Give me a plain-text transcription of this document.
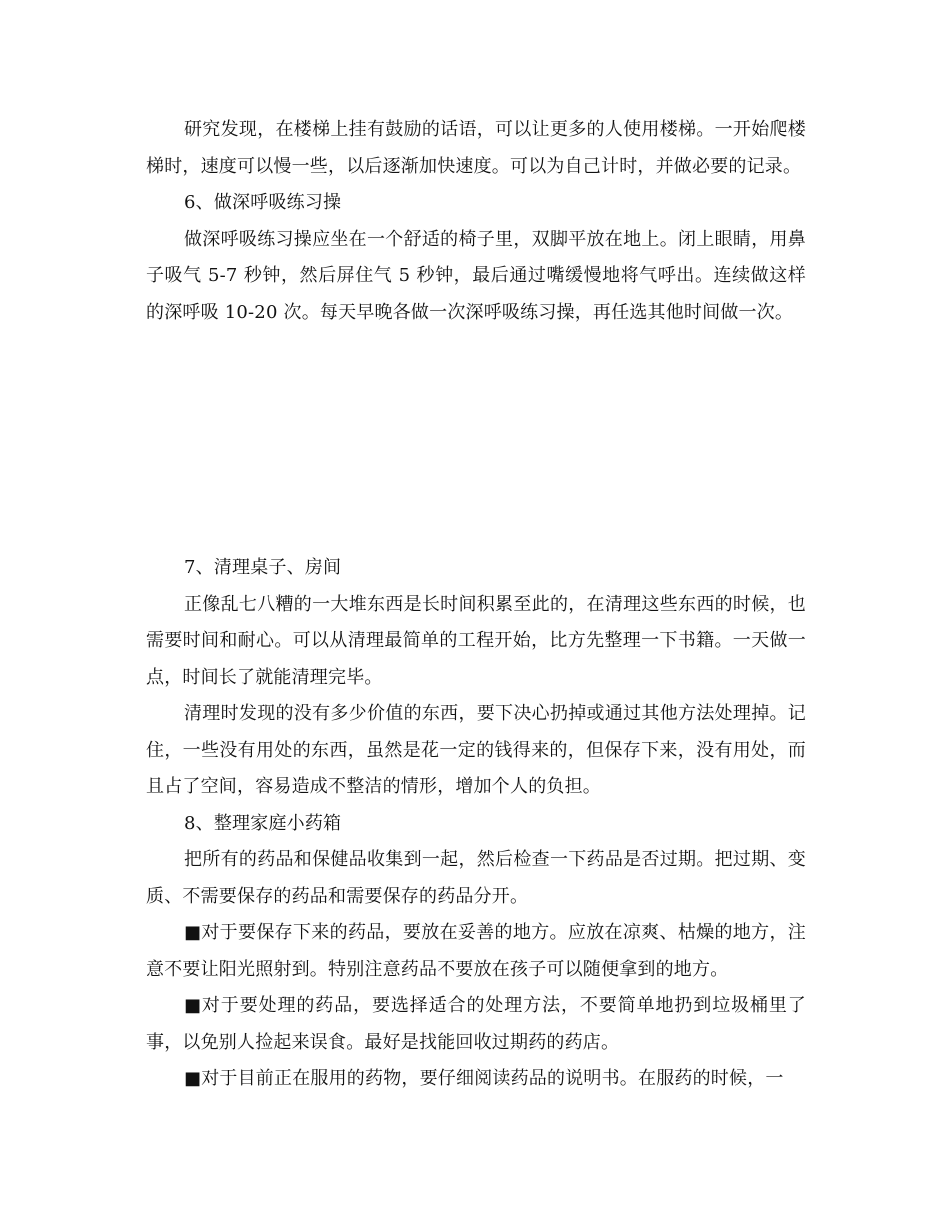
研究发现，在楼梯上挂有鼓励的话语，可以让更多的人使用楼梯。一开始爬楼梯时，速度可以慢一些，以后逐渐加快速度。可以为自己计时，并做必要的记录。

6、做深呼吸练习操

做深呼吸练习操应坐在一个舒适的椅子里，双脚平放在地上。闭上眼睛，用鼻子吸气 5-7 秒钟，然后屏住气 5 秒钟，最后通过嘴缓慢地将气呼出。连续做这样的深呼吸 10-20 次。每天早晚各做一次深呼吸练习操，再任选其他时间做一次。

7、清理桌子、房间

正像乱七八糟的一大堆东西是长时间积累至此的，在清理这些东西的时候，也需要时间和耐心。可以从清理最简单的工程开始，比方先整理一下书籍。一天做一点，时间长了就能清理完毕。

清理时发现的没有多少价值的东西，要下决心扔掉或通过其他方法处理掉。记住，一些没有用处的东西，虽然是花一定的钱得来的，但保存下来，没有用处，而且占了空间，容易造成不整洁的情形，增加个人的负担。

8、整理家庭小药箱

把所有的药品和保健品收集到一起，然后检查一下药品是否过期。把过期、变质、不需要保存的药品和需要保存的药品分开。

■对于要保存下来的药品，要放在妥善的地方。应放在凉爽、枯燥的地方，注意不要让阳光照射到。特别注意药品不要放在孩子可以随便拿到的地方。

■对于要处理的药品，要选择适合的处理方法，不要简单地扔到垃圾桶里了事，以免别人捡起来误食。最好是找能回收过期药的药店。

■对于目前正在服用的药物，要仔细阅读药品的说明书。在服药的时候，一
